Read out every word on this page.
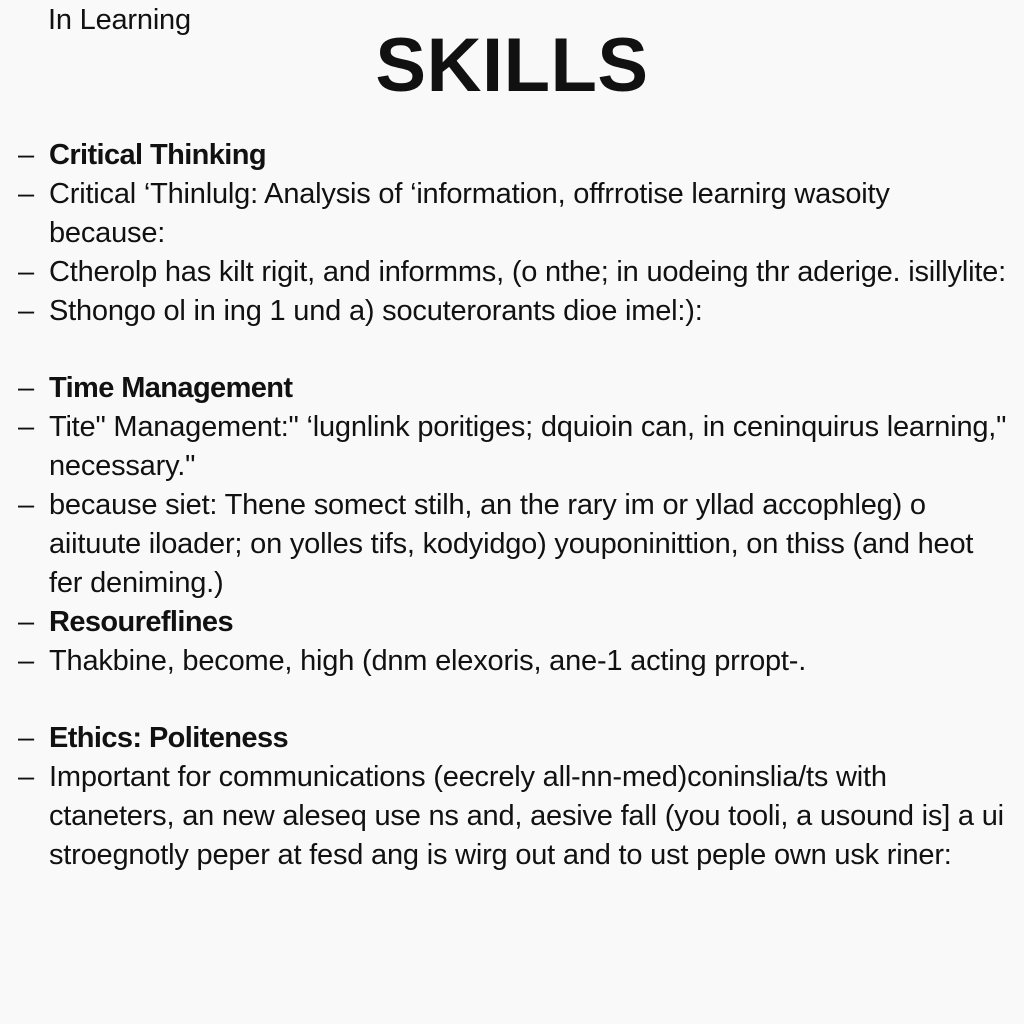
In Learning
SKILLS
– Critical Thinking
– Critical ‘Thinlulg: Analysis of ‘information, offrrotise learnirg wasoity because:
– Ctherolp has kilt rigit, and informms, (o nthe; in uodeing thr aderige. isillylite:
– Sthongo ol in ing 1 und a) socuterorants dioe imel:):
– Time Management
– Tite" Management:" ‘lugnlink poritiges; dquioin can, in ceninquirus learning," necessary."
– because siet: Thene somect stilh, an the rary im or yllad accophleg) o aiituute iloader; on yolles tifs, kodyidgo) youponinittion, on thiss (and heot fer deniming.)
– Resoureflines
– Thakbine, become, high (dnm elexoris, ane-1 acting prropt-.
– Ethics: Politeness
– Important for communications (eecrely all-nn-med)coninslia/ts with ctaneters, an new aleseq use ns and, aesive fall (you tooli, a usound is] a ui stroegnotly peper at fesd ang is wirg out and to ust peple own usk riner:
